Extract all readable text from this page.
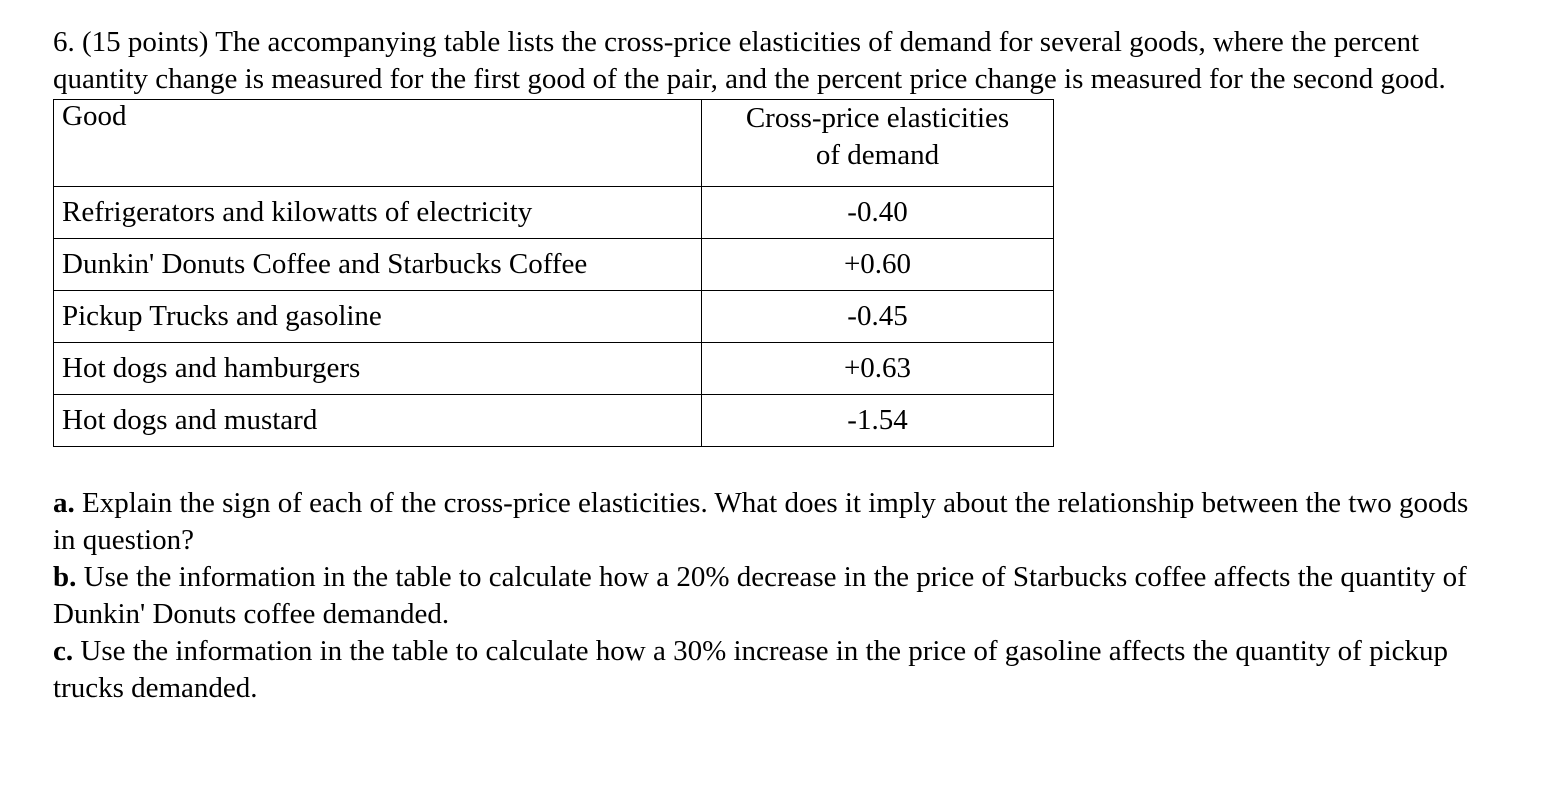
6. (15 points) The accompanying table lists the cross-price elasticities of demand for several goods, where the percent quantity change is measured for the first good of the pair, and the percent price change is measured for the second good.

Good	Cross-price elasticities
of demand
Refrigerators and kilowatts of electricity	-0.40
Dunkin' Donuts Coffee and Starbucks Coffee	+0.60
Pickup Trucks and gasoline	-0.45
Hot dogs and hamburgers	+0.63
Hot dogs and mustard	-1.54

a. Explain the sign of each of the cross-price elasticities. What does it imply about the relationship between the two goods in question?

b. Use the information in the table to calculate how a 20% decrease in the price of Starbucks coffee affects the quantity of Dunkin' Donuts coffee demanded.

c. Use the information in the table to calculate how a 30% increase in the price of gasoline affects the quantity of pickup trucks demanded.
